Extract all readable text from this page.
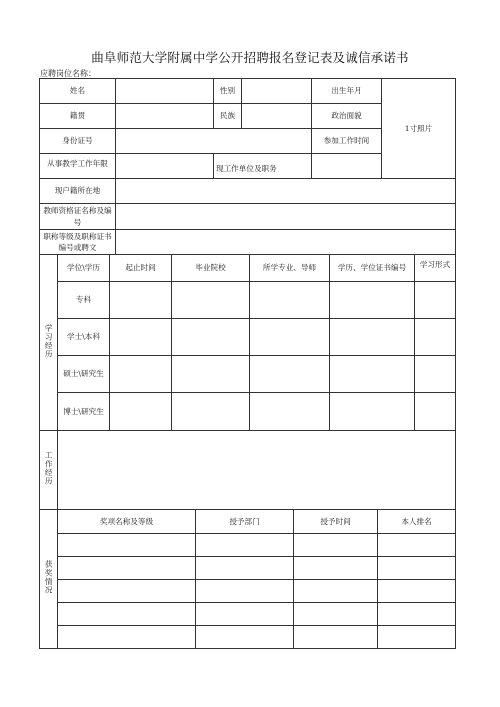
曲阜师范大学附属中学公开招聘报名登记表及诚信承诺书
应聘岗位名称：
姓名		性别		出生年月	1寸照片
籍贯		民族		政治面貌	
身份证号				参加工作时间	
从事教学工作年限		现工作单位及职务			
现户籍所在地					
教师资格证名称及编号					
职称等级及职称证书编号或聘文					
学习经历	学位\学历	起止时间	毕业院校	所学专业、导师	学历、学位证书编号	学习形式
	专科					
	学士\本科					
	硕士\研究生					
	博士\研究生					
工作经历	
获奖情况	奖项名称及等级	授予部门	授予时间	本人排名
